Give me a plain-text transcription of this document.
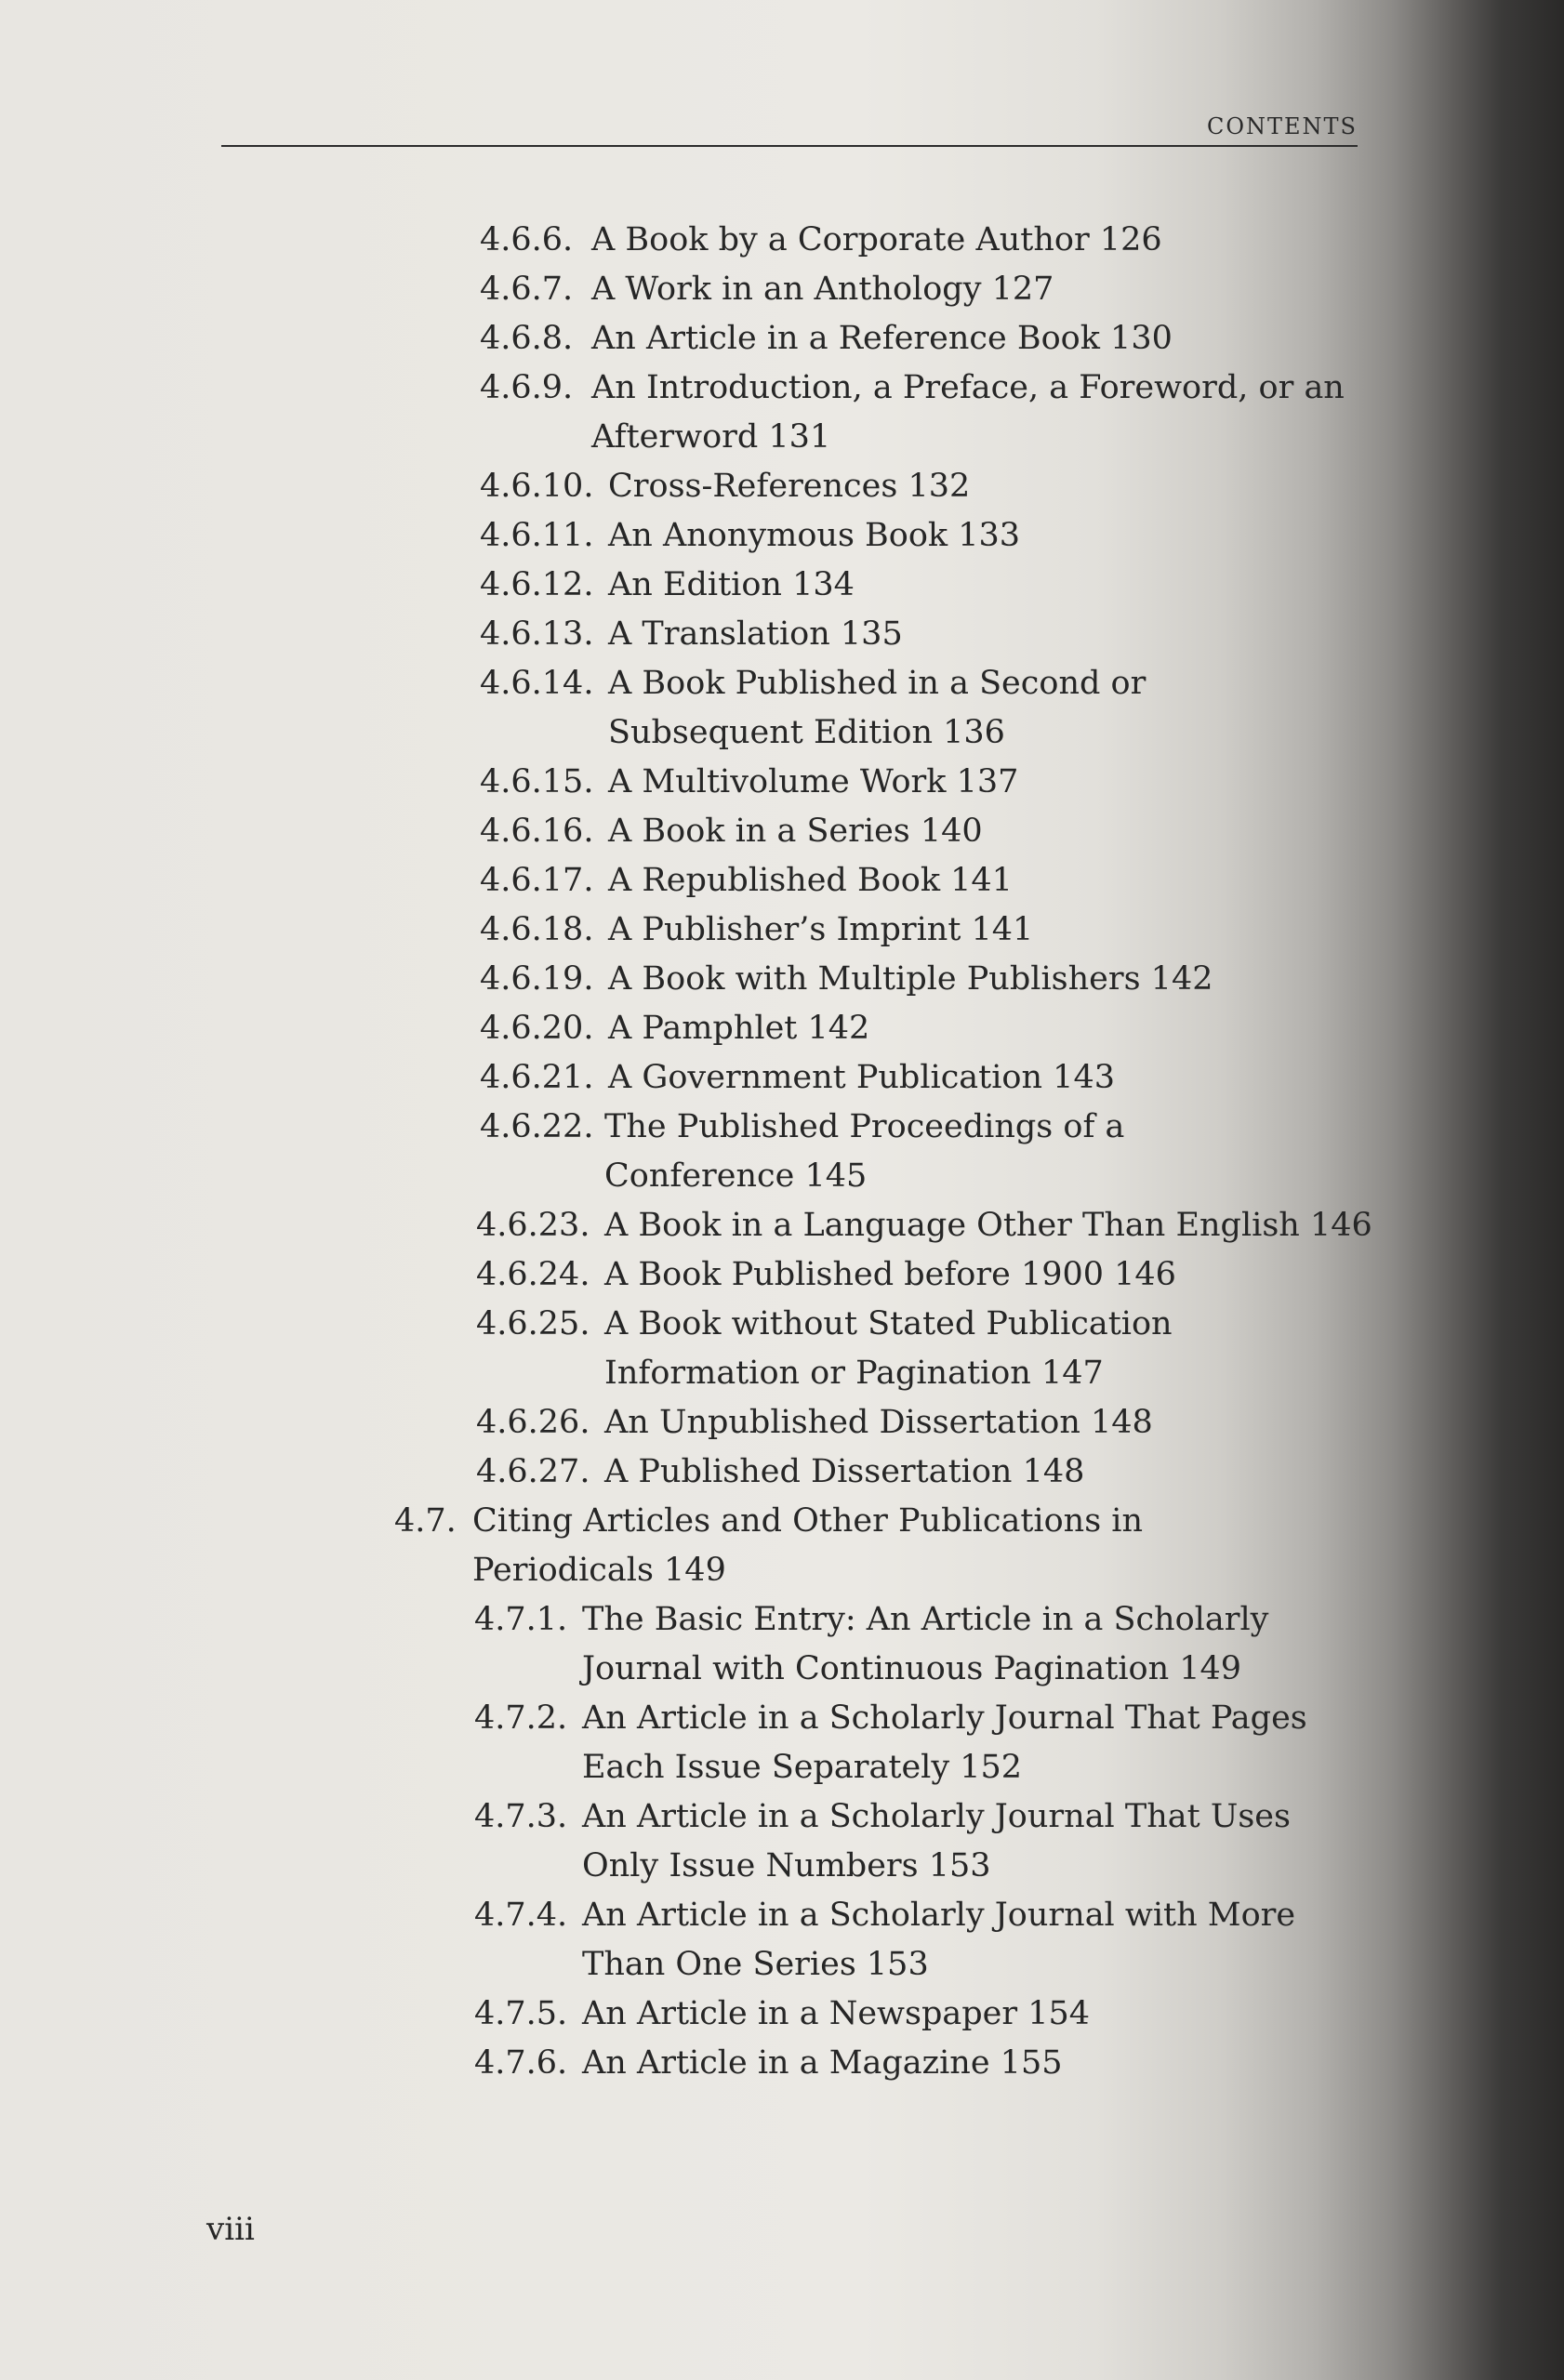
CONTENTS
4.6.6. A Book by a Corporate Author 126
4.6.7. A Work in an Anthology 127
4.6.8. An Article in a Reference Book 130
4.6.9. An Introduction, a Preface, a Foreword, or an
Afterword 131
4.6.10. Cross-References 132
4.6.11. An Anonymous Book 133
4.6.12. An Edition 134
4.6.13. A Translation 135
4.6.14. A Book Published in a Second or
Subsequent Edition 136
4.6.15. A Multivolume Work 137
4.6.16. A Book in a Series 140
4.6.17. A Republished Book 141
4.6.18. A Publisher’s Imprint 141
4.6.19. A Book with Multiple Publishers 142
4.6.20. A Pamphlet 142
4.6.21. A Government Publication 143
4.6.22. The Published Proceedings of a
Conference 145
4.6.23. A Book in a Language Other Than English 146
4.6.24. A Book Published before 1900 146
4.6.25. A Book without Stated Publication
Information or Pagination 147
4.6.26. An Unpublished Dissertation 148
4.6.27. A Published Dissertation 148
4.7. Citing Articles and Other Publications in
Periodicals 149
4.7.1. The Basic Entry: An Article in a Scholarly
Journal with Continuous Pagination 149
4.7.2. An Article in a Scholarly Journal That Pages
Each Issue Separately 152
4.7.3. An Article in a Scholarly Journal That Uses
Only Issue Numbers 153
4.7.4. An Article in a Scholarly Journal with More
Than One Series 153
4.7.5. An Article in a Newspaper 154
4.7.6. An Article in a Magazine 155
viii
